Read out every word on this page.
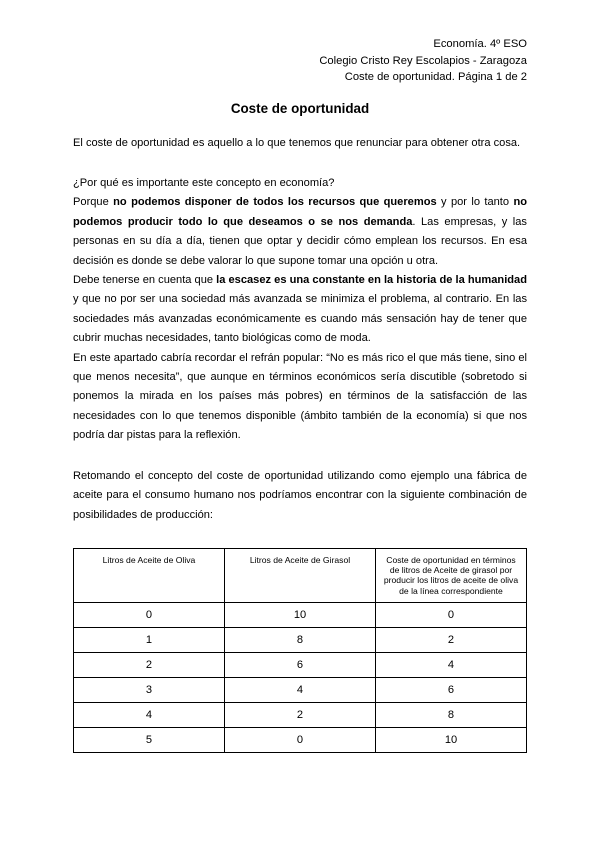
Economía. 4º ESO
Colegio Cristo Rey Escolapios - Zaragoza
Coste de oportunidad. Página 1 de 2
Coste de oportunidad

El coste de oportunidad es aquello a lo que tenemos que renunciar para obtener otra cosa.

¿Por qué es importante este concepto en economía?

Porque no podemos disponer de todos los recursos que queremos y por lo tanto no podemos producir todo lo que deseamos o se nos demanda. Las empresas, y las personas en su día a día, tienen que optar y decidir cómo emplean los recursos. En esa decisión es donde se debe valorar lo que supone tomar una opción u otra.

Debe tenerse en cuenta que la escasez es una constante en la historia de la humanidad y que no por ser una sociedad más avanzada se minimiza el problema, al contrario. En las sociedades más avanzadas económicamente es cuando más sensación hay de tener que cubrir muchas necesidades, tanto biológicas como de moda.

En este apartado cabría recordar el refrán popular: “No es más rico el que más tiene, sino el que menos necesita”, que aunque en términos económicos sería discutible (sobretodo si ponemos la mirada en los países más pobres) en términos de la satisfacción de las necesidades con lo que tenemos disponible (ámbito también de la economía) si que nos podría dar pistas para la reflexión.

Retomando el concepto del coste de oportunidad utilizando como ejemplo una fábrica de aceite para el consumo humano nos podríamos encontrar con la siguiente combinación de posibilidades de producción:

Litros de Aceite de Oliva	Litros de Aceite de Girasol	Coste de oportunidad en términos de litros de Aceite de girasol por producir los litros de aceite de oliva de la línea correspondiente
0	10	0
1	8	2
2	6	4
3	4	6
4	2	8
5	0	10
